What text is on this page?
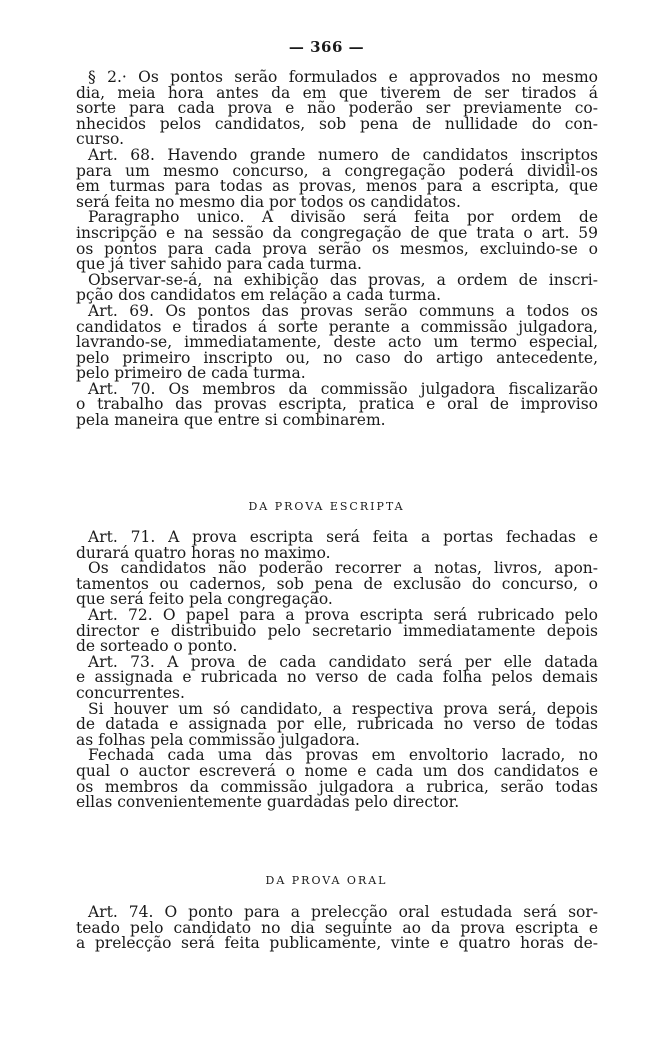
— 366 —
§ 2.· Os pontos serão formulados e approvados no mesmo
dia, meia hora antes da em que tiverem de ser tirados á
sorte para cada prova e não poderão ser previamente co-
nhecidos pelos candidatos, sob pena de nullidade do con-
curso.
Art. 68. Havendo grande numero de candidatos inscriptos
para um mesmo concurso, a congregação poderá dividil-os
em turmas para todas as provas, menos para a escripta, que
será feita no mesmo dia por todos os candidatos.
Paragrapho unico. A divisão será feita por ordem de
inscripção e na sessão da congregação de que trata o art. 59
os pontos para cada prova serão os mesmos, excluindo-se o
que já tiver sahido para cada turma.
Observar-se-á, na exhibição das provas, a ordem de inscri-
pção dos candidatos em relação a cada turma.
Art. 69. Os pontos das provas serão communs a todos os
candidatos e tirados á sorte perante a commissão julgadora,
lavrando-se, immediatamente, deste acto um termo especial,
pelo primeiro inscripto ou, no caso do artigo antecedente,
pelo primeiro de cada turma.
Art. 70. Os membros da commissão julgadora fiscalizarão
o trabalho das provas escripta, pratica e oral de improviso
pela maneira que entre si combinarem.
DA PROVA ESCRIPTA
Art. 71. A prova escripta será feita a portas fechadas e
durará quatro horas no maximo.
Os candidatos não poderão recorrer a notas, livros, apon-
tamentos ou cadernos, sob pena de exclusão do concurso, o
que será feito pela congregação.
Art. 72. O papel para a prova escripta será rubricado pelo
director e distribuido pelo secretario immediatamente depois
de sorteado o ponto.
Art. 73. A prova de cada candidato será per elle datada
e assignada e rubricada no verso de cada folha pelos demais
concurrentes.
Si houver um só candidato, a respectiva prova será, depois
de datada e assignada por elle, rubricada no verso de todas
as folhas pela commissão julgadora.
Fechada cada uma das provas em envoltorio lacrado, no
qual o auctor escreverá o nome e cada um dos candidatos e
os membros da commissão julgadora a rubrica, serão todas
ellas convenientemente guardadas pelo director.
DA PROVA ORAL
Art. 74. O ponto para a prelecção oral estudada será sor-
teado pelo candidato no dia seguinte ao da prova escripta e
a prelecção será feita publicamente, vinte e quatro horas de-
